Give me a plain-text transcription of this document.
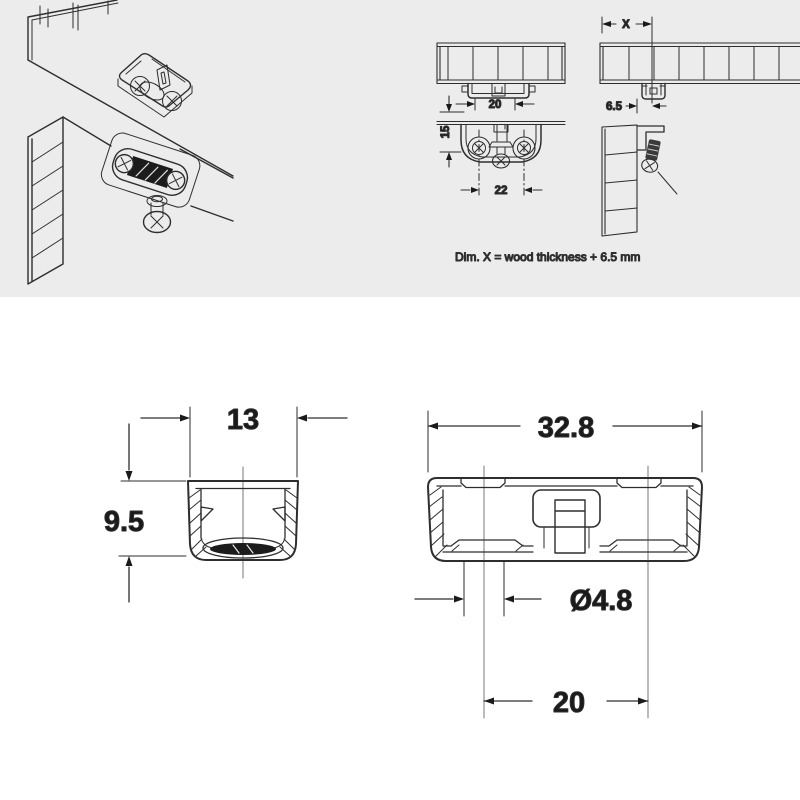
20
15
22
X
6.5
Dim. X = wood thickness + 6.5 mm
13
9.5
32.8
Ø4.8
20
